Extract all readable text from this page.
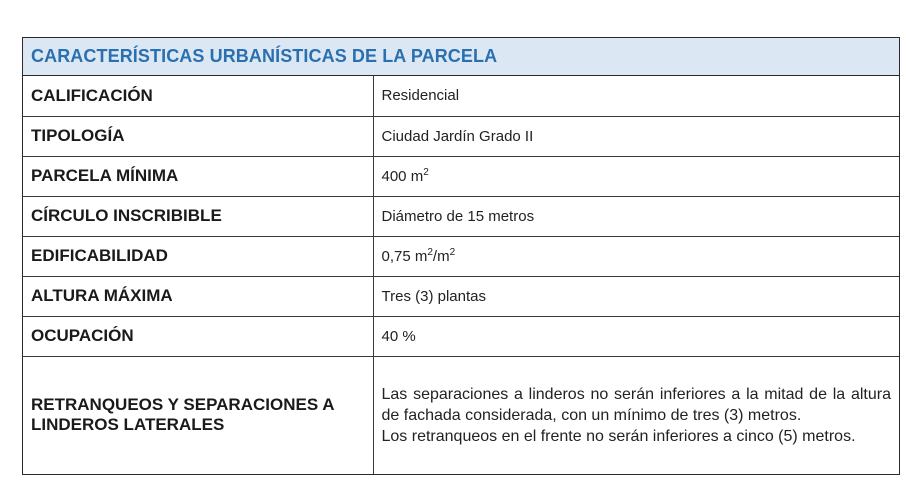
CARACTERÍSTICAS URBANÍSTICAS DE LA PARCELA
CALIFICACIÓN	Residencial
TIPOLOGÍA	Ciudad Jardín Grado II
PARCELA MÍNIMA	400 $m^2$
CÍRCULO INSCRIBIBLE	Diámetro de 15 metros
EDIFICABILIDAD	0,75 $m^2/m^2$
ALTURA MÁXIMA	Tres (3) plantas
OCUPACIÓN	40 %
RETRANQUEOS Y SEPARACIONES A LINDEROS LATERALES	Las separaciones a linderos no serán inferiores a la mitad de la altura de fachada considerada, con un mínimo de tres (3) metros.

Los retranqueos en el frente no serán inferiores a cinco (5) metros.
